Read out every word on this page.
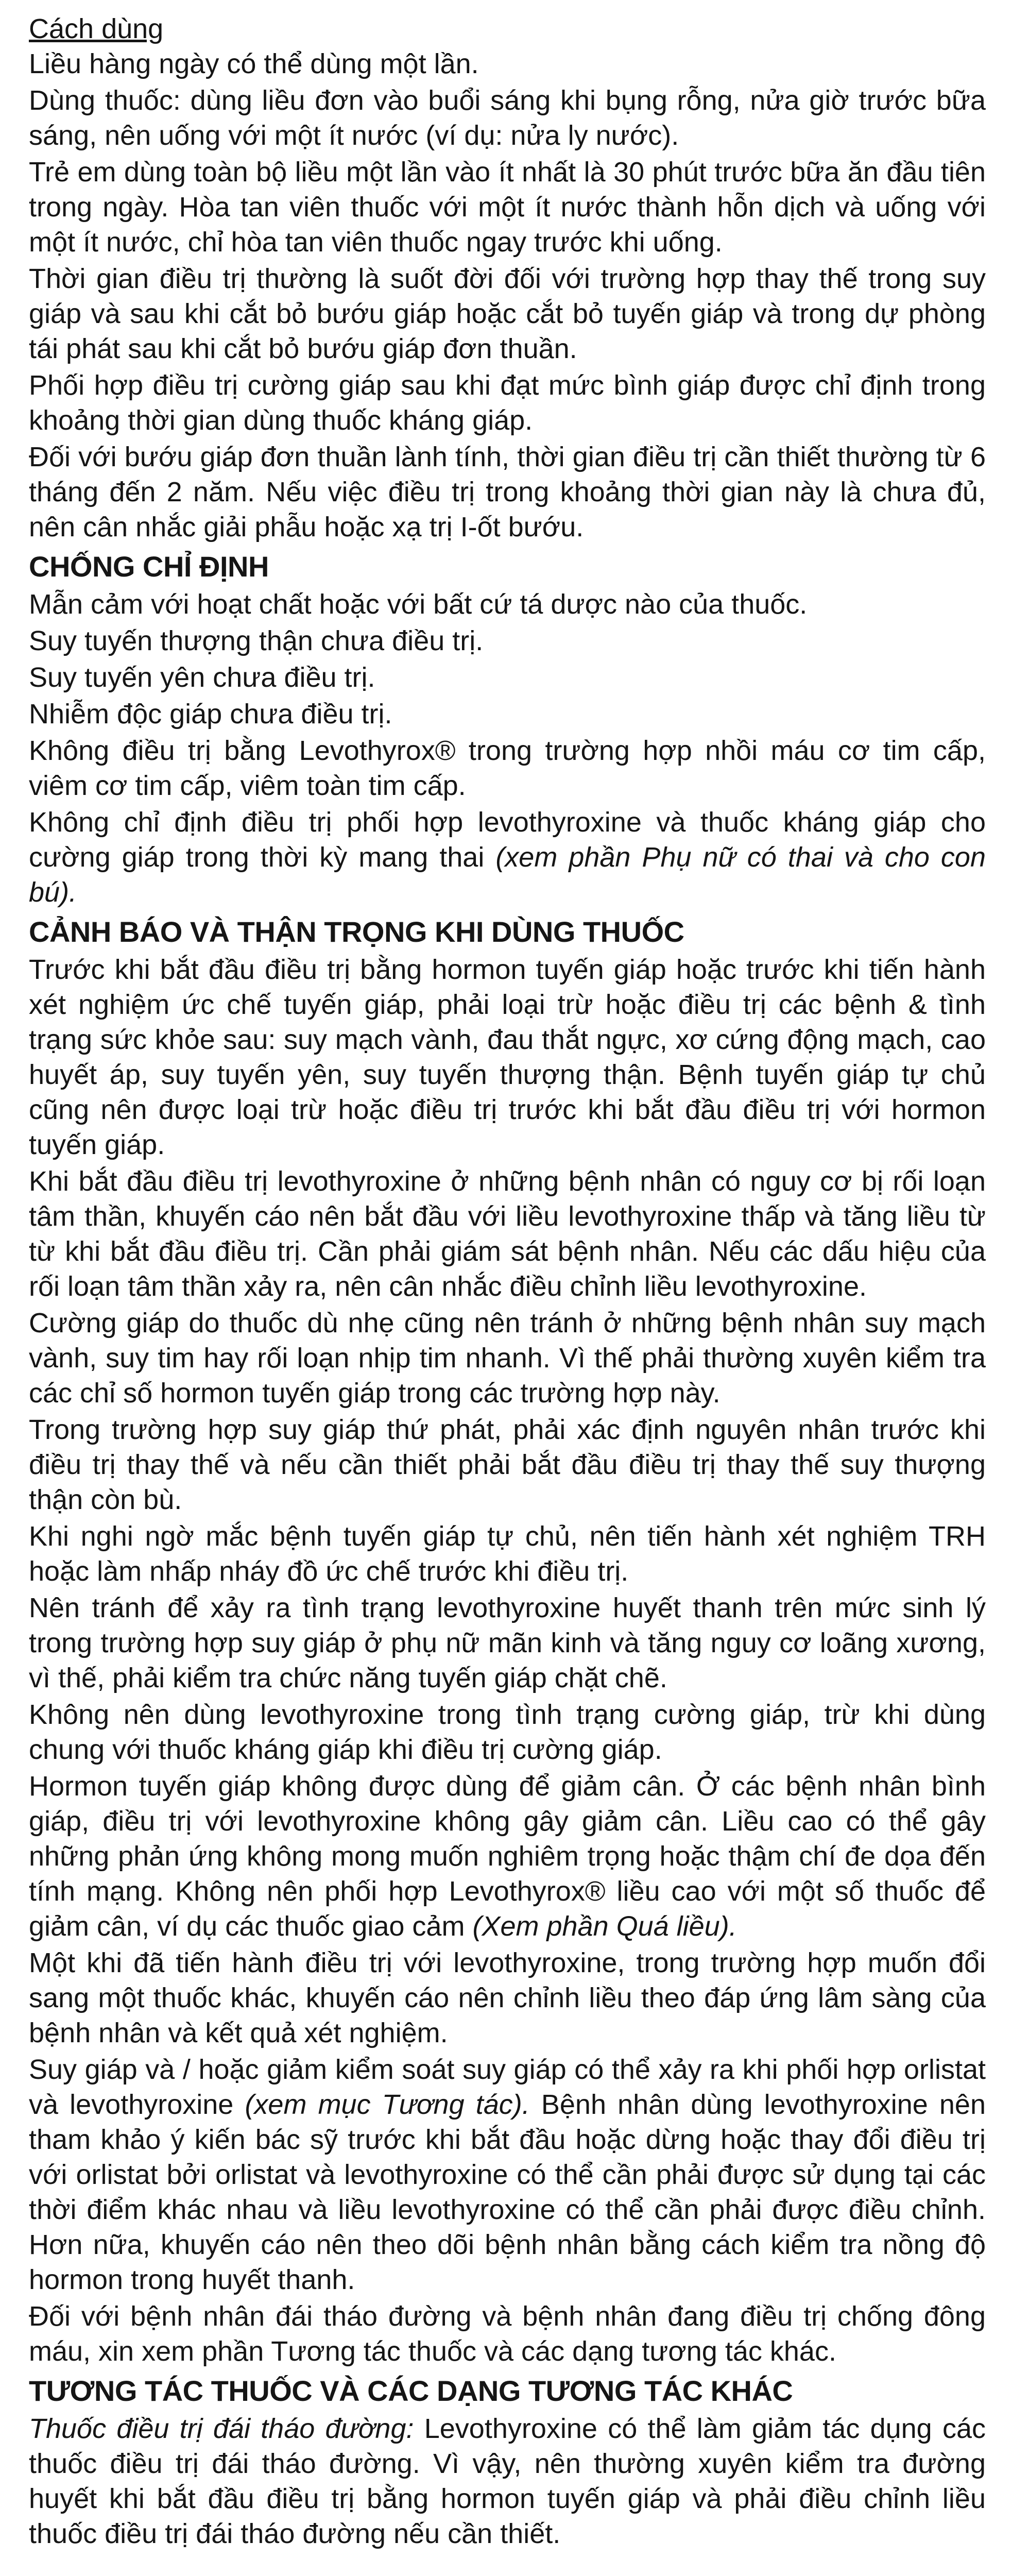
Cách dùng

Liều hàng ngày có thể dùng một lần.

Dùng thuốc: dùng liều đơn vào buổi sáng khi bụng rỗng, nửa giờ trước bữa sáng, nên uống với một ít nước (ví dụ: nửa ly nước).

Trẻ em dùng toàn bộ liều một lần vào ít nhất là 30 phút trước bữa ăn đầu tiên trong ngày. Hòa tan viên thuốc với một ít nước thành hỗn dịch và uống với một ít nước, chỉ hòa tan viên thuốc ngay trước khi uống.

Thời gian điều trị thường là suốt đời đối với trường hợp thay thế trong suy giáp và sau khi cắt bỏ bướu giáp hoặc cắt bỏ tuyến giáp và trong dự phòng tái phát sau khi cắt bỏ bướu giáp đơn thuần.

Phối hợp điều trị cường giáp sau khi đạt mức bình giáp được chỉ định trong khoảng thời gian dùng thuốc kháng giáp.

Đối với bướu giáp đơn thuần lành tính, thời gian điều trị cần thiết thường từ 6 tháng đến 2 năm. Nếu việc điều trị trong khoảng thời gian này là chưa đủ, nên cân nhắc giải phẫu hoặc xạ trị I-ốt bướu.

CHỐNG CHỈ ĐỊNH

Mẫn cảm với hoạt chất hoặc với bất cứ tá dược nào của thuốc.

Suy tuyến thượng thận chưa điều trị.

Suy tuyến yên chưa điều trị.

Nhiễm độc giáp chưa điều trị.

Không điều trị bằng Levothyrox® trong trường hợp nhồi máu cơ tim cấp, viêm cơ tim cấp, viêm toàn tim cấp.

Không chỉ định điều trị phối hợp levothyroxine và thuốc kháng giáp cho cường giáp trong thời kỳ mang thai (xem phần Phụ nữ có thai và cho con bú).

CẢNH BÁO VÀ THẬN TRỌNG KHI DÙNG THUỐC

Trước khi bắt đầu điều trị bằng hormon tuyến giáp hoặc trước khi tiến hành xét nghiệm ức chế tuyến giáp, phải loại trừ hoặc điều trị các bệnh & tình trạng sức khỏe sau: suy mạch vành, đau thắt ngực, xơ cứng động mạch, cao huyết áp, suy tuyến yên, suy tuyến thượng thận. Bệnh tuyến giáp tự chủ cũng nên được loại trừ hoặc điều trị trước khi bắt đầu điều trị với hormon tuyến giáp.

Khi bắt đầu điều trị levothyroxine ở những bệnh nhân có nguy cơ bị rối loạn tâm thần, khuyến cáo nên bắt đầu với liều levothyroxine thấp và tăng liều từ từ khi bắt đầu điều trị. Cần phải giám sát bệnh nhân. Nếu các dấu hiệu của rối loạn tâm thần xảy ra, nên cân nhắc điều chỉnh liều levothyroxine.

Cường giáp do thuốc dù nhẹ cũng nên tránh ở những bệnh nhân suy mạch vành, suy tim hay rối loạn nhịp tim nhanh. Vì thế phải thường xuyên kiểm tra các chỉ số hormon tuyến giáp trong các trường hợp này.

Trong trường hợp suy giáp thứ phát, phải xác định nguyên nhân trước khi điều trị thay thế và nếu cần thiết phải bắt đầu điều trị thay thế suy thượng thận còn bù.

Khi nghi ngờ mắc bệnh tuyến giáp tự chủ, nên tiến hành xét nghiệm TRH hoặc làm nhấp nháy đồ ức chế trước khi điều trị.

Nên tránh để xảy ra tình trạng levothyroxine huyết thanh trên mức sinh lý trong trường hợp suy giáp ở phụ nữ mãn kinh và tăng nguy cơ loãng xương, vì thế, phải kiểm tra chức năng tuyến giáp chặt chẽ.

Không nên dùng levothyroxine trong tình trạng cường giáp, trừ khi dùng chung với thuốc kháng giáp khi điều trị cường giáp.

Hormon tuyến giáp không được dùng để giảm cân. Ở các bệnh nhân bình giáp, điều trị với levothyroxine không gây giảm cân. Liều cao có thể gây những phản ứng không mong muốn nghiêm trọng hoặc thậm chí đe dọa đến tính mạng. Không nên phối hợp Levothyrox® liều cao với một số thuốc để giảm cân, ví dụ các thuốc giao cảm (Xem phần Quá liều).

Một khi đã tiến hành điều trị với levothyroxine, trong trường hợp muốn đổi sang một thuốc khác, khuyến cáo nên chỉnh liều theo đáp ứng lâm sàng của bệnh nhân và kết quả xét nghiệm.

Suy giáp và / hoặc giảm kiểm soát suy giáp có thể xảy ra khi phối hợp orlistat và levothyroxine (xem mục Tương tác). Bệnh nhân dùng levothyroxine nên tham khảo ý kiến bác sỹ trước khi bắt đầu hoặc dừng hoặc thay đổi điều trị với orlistat bởi orlistat và levothyroxine có thể cần phải được sử dụng tại các thời điểm khác nhau và liều levothyroxine có thể cần phải được điều chỉnh. Hơn nữa, khuyến cáo nên theo dõi bệnh nhân bằng cách kiểm tra nồng độ hormon trong huyết thanh.

Đối với bệnh nhân đái tháo đường và bệnh nhân đang điều trị chống đông máu, xin xem phần Tương tác thuốc và các dạng tương tác khác.

TƯƠNG TÁC THUỐC VÀ CÁC DẠNG TƯƠNG TÁC KHÁC

Thuốc điều trị đái tháo đường: Levothyroxine có thể làm giảm tác dụng các thuốc điều trị đái tháo đường. Vì vậy, nên thường xuyên kiểm tra đường huyết khi bắt đầu điều trị bằng hormon tuyến giáp và phải điều chỉnh liều thuốc điều trị đái tháo đường nếu cần thiết.
